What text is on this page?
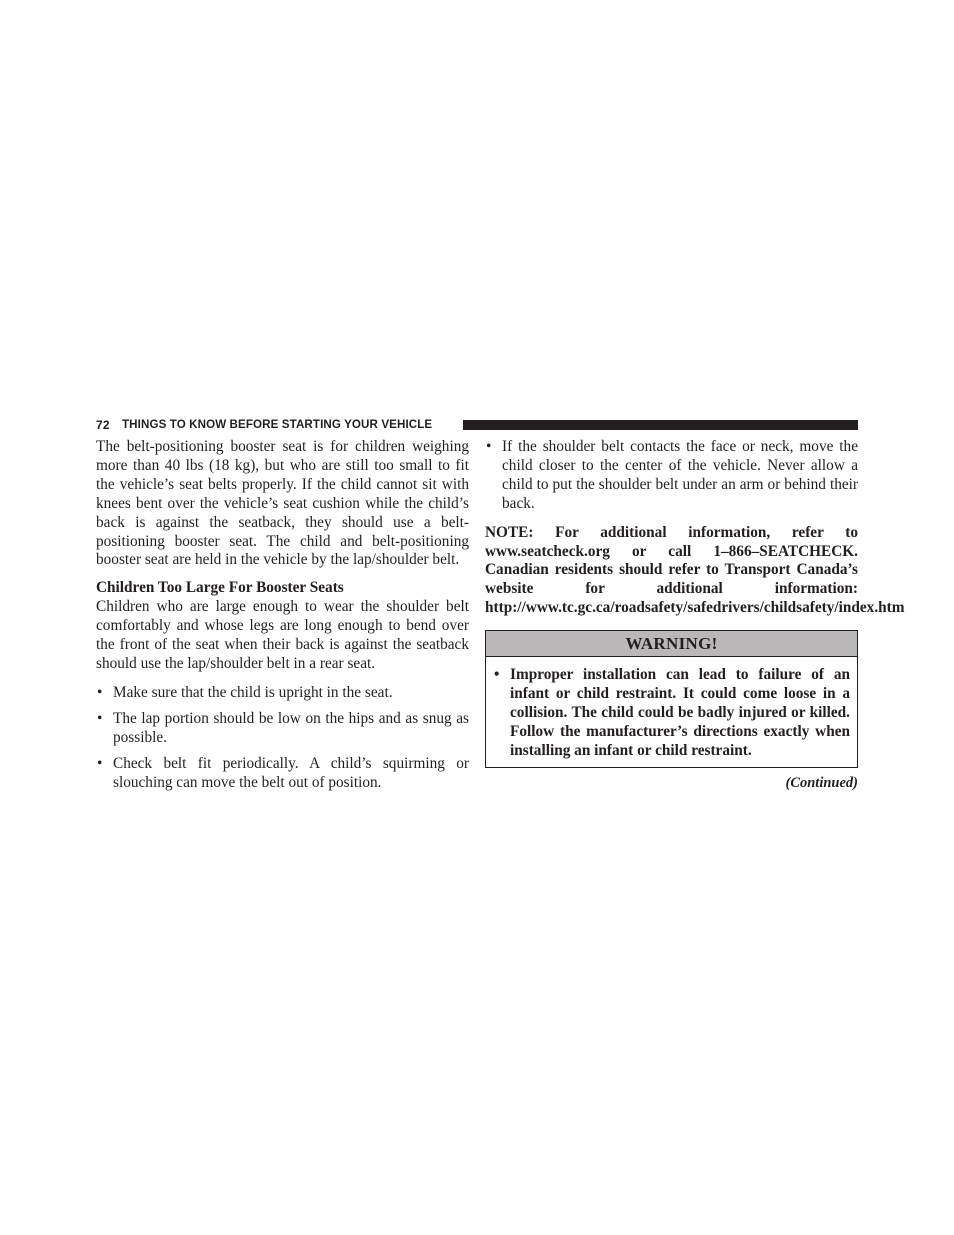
72 THINGS TO KNOW BEFORE STARTING YOUR VEHICLE

The belt-positioning booster seat is for children weighing more than 40 lbs (18 kg), but who are still too small to fit the vehicle’s seat belts properly. If the child cannot sit with knees bent over the vehicle’s seat cushion while the child’s back is against the seatback, they should use a belt-positioning booster seat. The child and belt-positioning booster seat are held in the vehicle by the lap/shoulder belt.

Children Too Large For Booster Seats

Children who are large enough to wear the shoulder belt comfortably and whose legs are long enough to bend over the front of the seat when their back is against the seatback should use the lap/shoulder belt in a rear seat.

• Make sure that the child is upright in the seat.
• The lap portion should be low on the hips and as snug as possible.
• Check belt fit periodically. A child’s squirming or slouching can move the belt out of position.
• If the shoulder belt contacts the face or neck, move the child closer to the center of the vehicle. Never allow a child to put the shoulder belt under an arm or behind their back.

NOTE: For additional information, refer to www.seatcheck.org or call 1–866–SEATCHECK. Canadian residents should refer to Transport Canada’s website for additional information: http://www.tc.gc.ca/roadsafety/safedrivers/childsafety/index.htm

WARNING!
• Improper installation can lead to failure of an infant or child restraint. It could come loose in a collision. The child could be badly injured or killed. Follow the manufacturer’s directions exactly when installing an infant or child restraint.
(Continued)
